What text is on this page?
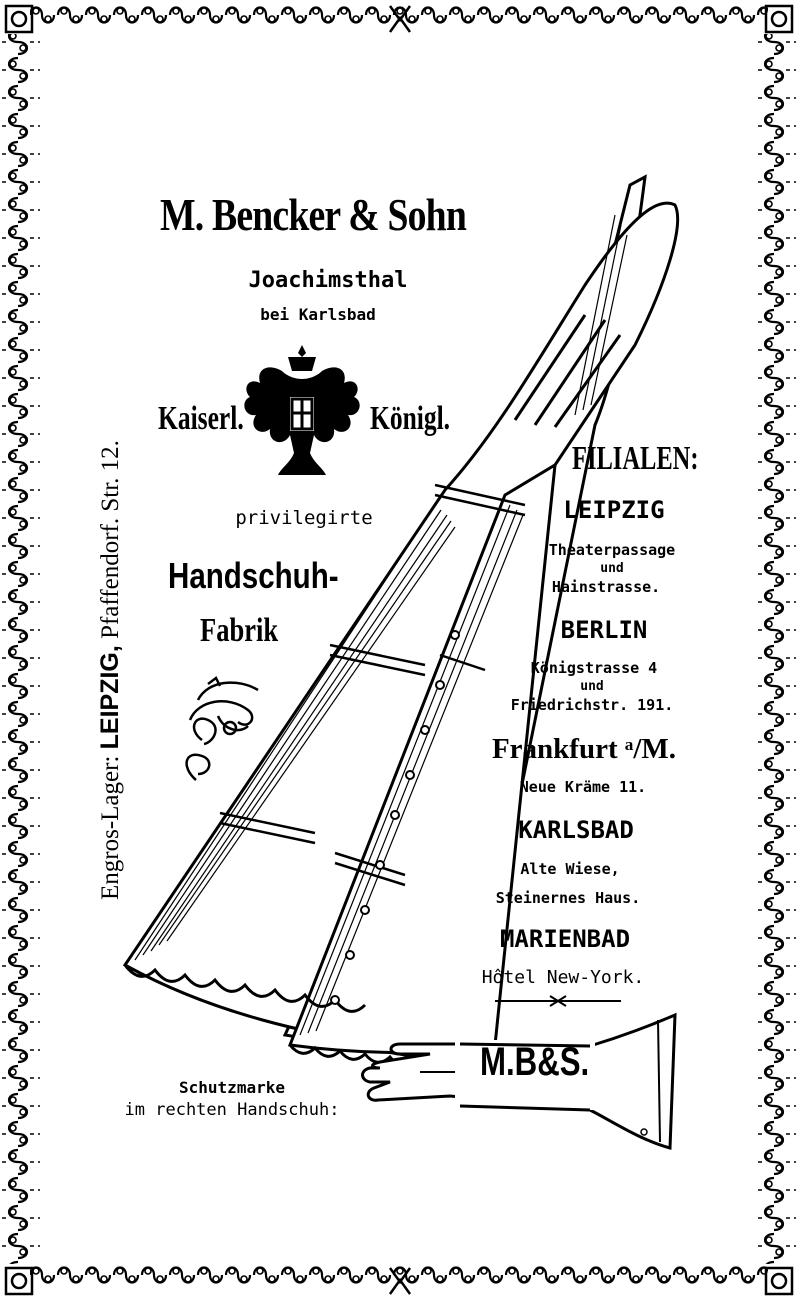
M. Bencker & Sohn
Joachimsthal
bei Karlsbad
Kaiserl.	Königl.
privilegirte
Handschuh-
Fabrik
Engros-Lager: LEIPZIG, Pfaffendorf. Str. 12.	FILIALEN:
LEIPZIG
Theaterpassage
und
Hainstrasse.
BERLIN
Königstrasse 4
und
Friedrichstr. 191.
Frankfurt ᵃ/M.
Neue Kräme 11.
KARLSBAD
Alte Wiese,
Steinernes Haus.
MARIENBAD
Hôtel New-York.
Schutzmarke
im rechten Handschuh:
M.B&S.
